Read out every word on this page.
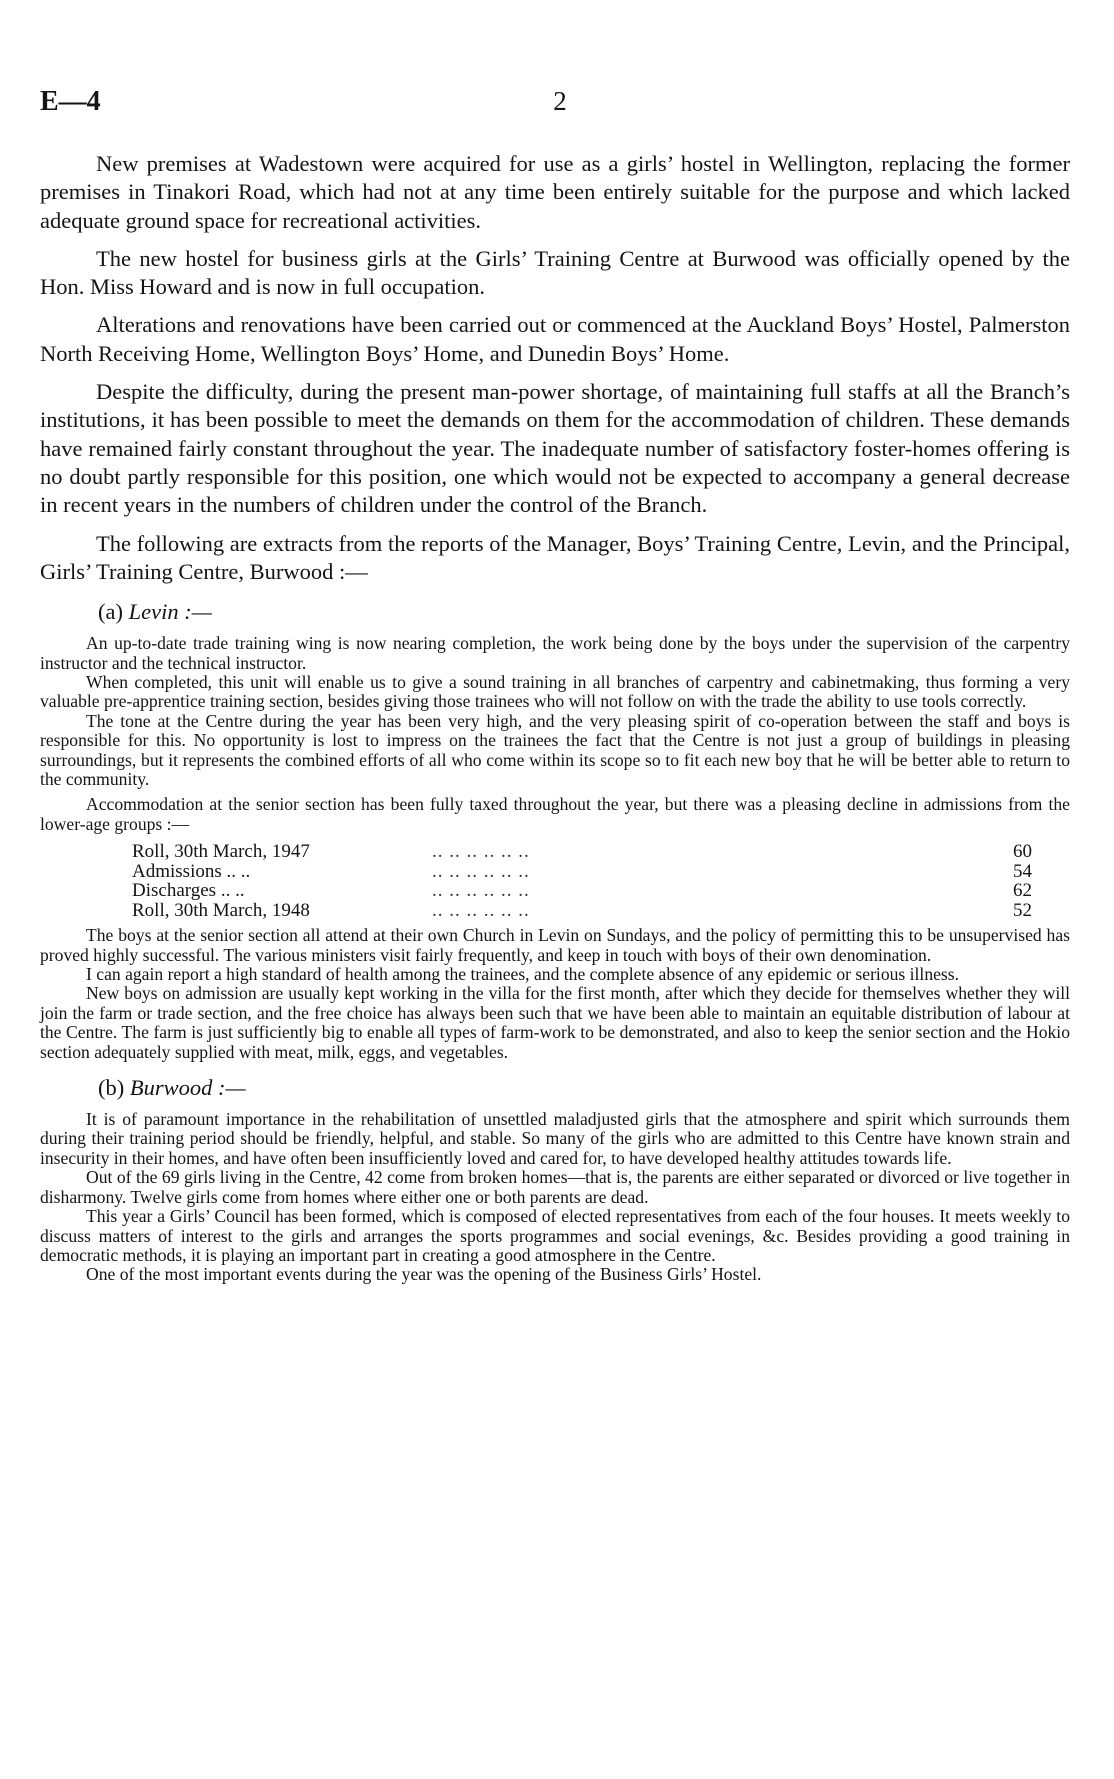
E—4	2

New premises at Wadestown were acquired for use as a girls’ hostel in Wellington, replacing the former premises in Tinakori Road, which had not at any time been entirely suitable for the purpose and which lacked adequate ground space for recreational activities.

The new hostel for business girls at the Girls’ Training Centre at Burwood was officially opened by the Hon. Miss Howard and is now in full occupation.

Alterations and renovations have been carried out or commenced at the Auckland Boys’ Hostel, Palmerston North Receiving Home, Wellington Boys’ Home, and Dunedin Boys’ Home.

Despite the difficulty, during the present man-power shortage, of maintaining full staffs at all the Branch’s institutions, it has been possible to meet the demands on them for the accommodation of children. These demands have remained fairly constant throughout the year. The inadequate number of satisfactory foster-homes offering is no doubt partly responsible for this position, one which would not be expected to accompany a general decrease in recent years in the numbers of children under the control of the Branch.

The following are extracts from the reports of the Manager, Boys’ Training Centre, Levin, and the Principal, Girls’ Training Centre, Burwood :—

(a) Levin :—

An up-to-date trade training wing is now nearing completion, the work being done by the boys under the supervision of the carpentry instructor and the technical instructor.

When completed, this unit will enable us to give a sound training in all branches of carpentry and cabinetmaking, thus forming a very valuable pre-apprentice training section, besides giving those trainees who will not follow on with the trade the ability to use tools correctly.

The tone at the Centre during the year has been very high, and the very pleasing spirit of co-operation between the staff and boys is responsible for this. No opportunity is lost to impress on the trainees the fact that the Centre is not just a group of buildings in pleasing surroundings, but it represents the combined efforts of all who come within its scope so to fit each new boy that he will be better able to return to the community.

Accommodation at the senior section has been fully taxed throughout the year, but there was a pleasing decline in admissions from the lower-age groups :—

Roll, 30th March, 1947	.. .. .. .. .. ..	60
Admissions .. ..	.. .. .. .. .. ..	54
Discharges .. ..	.. .. .. .. .. ..	62
Roll, 30th March, 1948	.. .. .. .. .. ..	52

The boys at the senior section all attend at their own Church in Levin on Sundays, and the policy of permitting this to be unsupervised has proved highly successful. The various ministers visit fairly frequently, and keep in touch with boys of their own denomination.

I can again report a high standard of health among the trainees, and the complete absence of any epidemic or serious illness.

New boys on admission are usually kept working in the villa for the first month, after which they decide for themselves whether they will join the farm or trade section, and the free choice has always been such that we have been able to maintain an equitable distribution of labour at the Centre. The farm is just sufficiently big to enable all types of farm-work to be demonstrated, and also to keep the senior section and the Hokio section adequately supplied with meat, milk, eggs, and vegetables.

(b) Burwood :—

It is of paramount importance in the rehabilitation of unsettled maladjusted girls that the atmosphere and spirit which surrounds them during their training period should be friendly, helpful, and stable. So many of the girls who are admitted to this Centre have known strain and insecurity in their homes, and have often been insufficiently loved and cared for, to have developed healthy attitudes towards life.

Out of the 69 girls living in the Centre, 42 come from broken homes—that is, the parents are either separated or divorced or live together in disharmony. Twelve girls come from homes where either one or both parents are dead.

This year a Girls’ Council has been formed, which is composed of elected representatives from each of the four houses. It meets weekly to discuss matters of interest to the girls and arranges the sports programmes and social evenings, &c. Besides providing a good training in democratic methods, it is playing an important part in creating a good atmosphere in the Centre.

One of the most important events during the year was the opening of the Business Girls’ Hostel.
